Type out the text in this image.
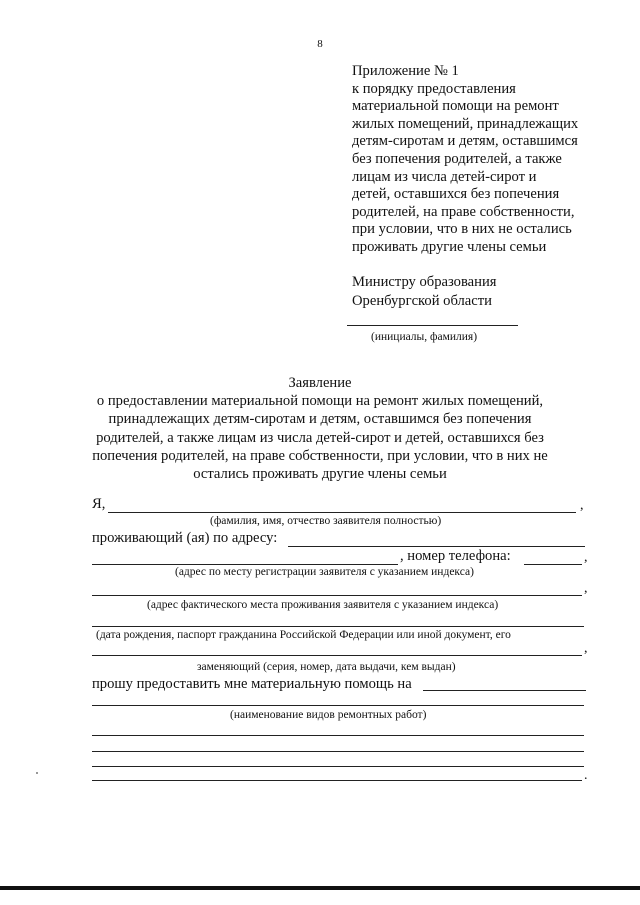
8
Приложение № 1
к порядку предоставления
материальной помощи на ремонт
жилых помещений, принадлежащих
детям-сиротам и детям, оставшимся
без попечения родителей, а также
лицам из числа детей-сирот и
детей, оставшихся без попечения
родителей, на праве собственности,
при условии, что в них не остались
проживать другие члены семьи
Министру образования
Оренбургской области
(инициалы, фамилия)
Заявление
о предоставлении материальной помощи на ремонт жилых помещений,
принадлежащих детям-сиротам и детям, оставшимся без попечения
родителей, а также лицам из числа детей-сирот и детей, оставшихся без
попечения родителей, на праве собственности, при условии, что в них не
остались проживать другие члены семьи
Я,	,
(фамилия, имя, отчество заявителя полностью)
проживающий (ая) по адресу:
, номер телефона:	,
(адрес по месту регистрации заявителя с указанием индекса)
,
(адрес фактического места проживания заявителя с указанием индекса)
(дата рождения, паспорт гражданина Российской Федерации или иной документ, его
,
заменяющий (серия, номер, дата выдачи, кем выдан)
прошу предоставить мне материальную помощь на
(наименование видов ремонтных работ)
.
